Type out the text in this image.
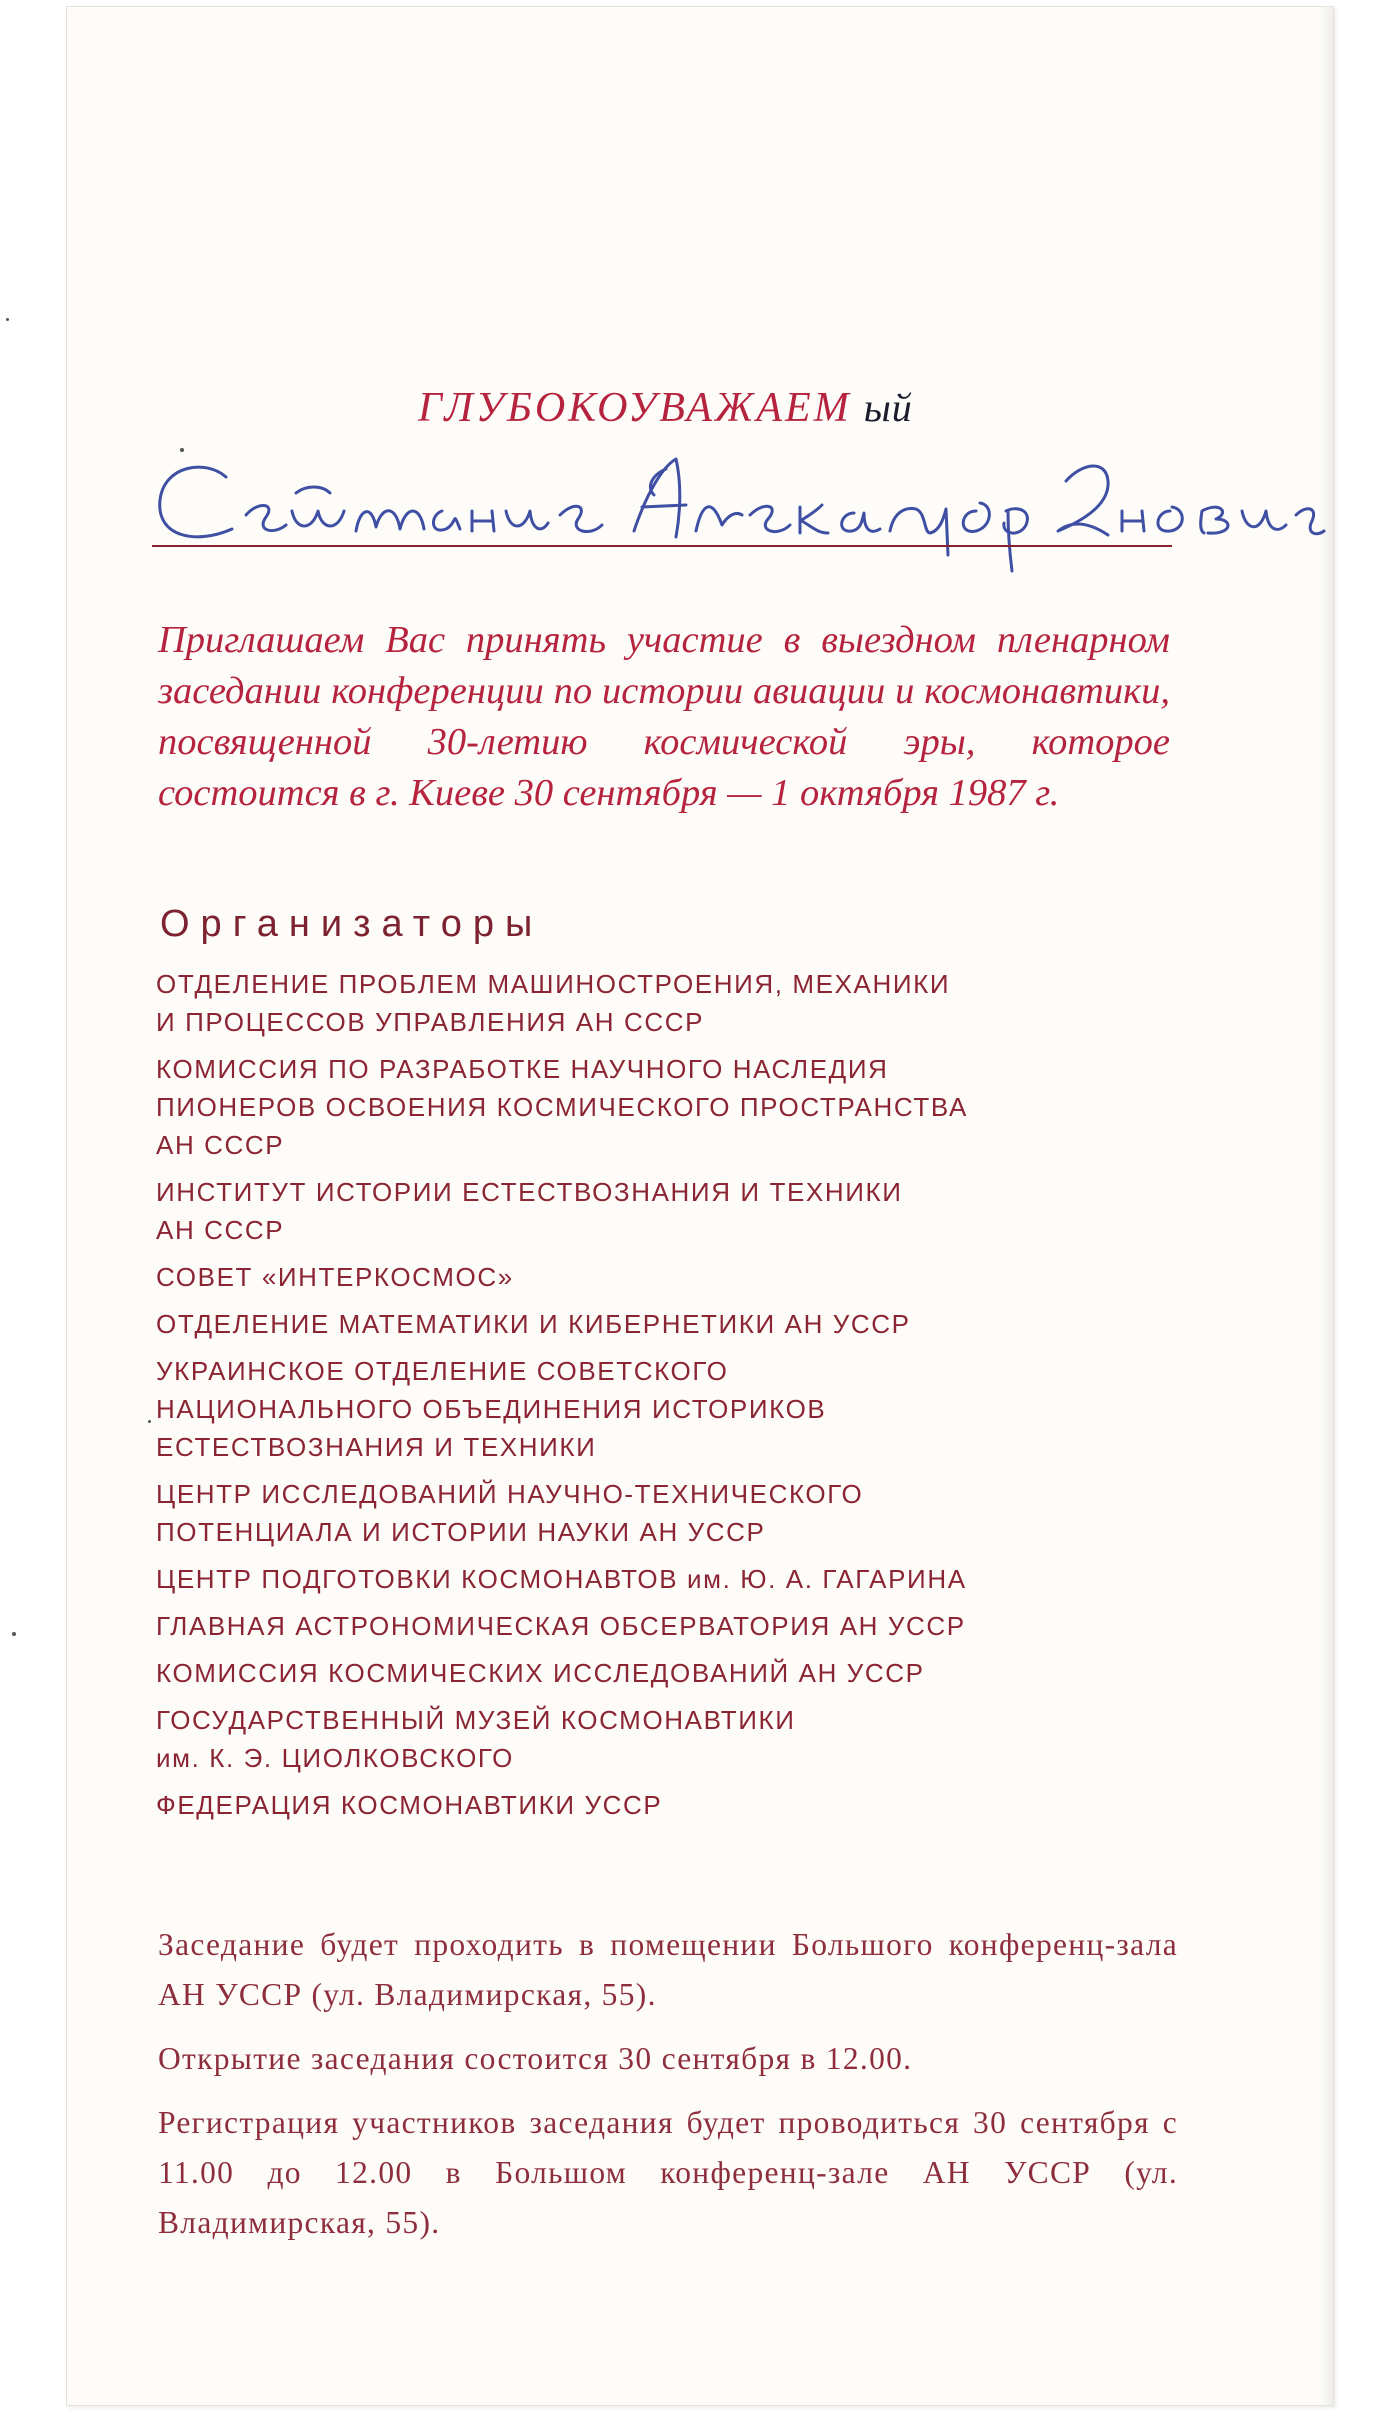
ГЛУБОКОУВАЖАЕМ ый

Приглашаем Вас принять участие в выездном пленарном заседании конференции по истории авиации и космонавтики, посвященной 30-летию космической эры, которое состоится в г. Киеве 30 сентября — 1 октября 1987 г.

Организаторы
ОТДЕЛЕНИЕ ПРОБЛЕМ МАШИНОСТРОЕНИЯ, МЕХАНИКИ
И ПРОЦЕССОВ УПРАВЛЕНИЯ АН СССР
КОМИССИЯ ПО РАЗРАБОТКЕ НАУЧНОГО НАСЛЕДИЯ
ПИОНЕРОВ ОСВОЕНИЯ КОСМИЧЕСКОГО ПРОСТРАНСТВА
АН СССР
ИНСТИТУТ ИСТОРИИ ЕСТЕСТВОЗНАНИЯ И ТЕХНИКИ
АН СССР
СОВЕТ «ИНТЕРКОСМОС»
ОТДЕЛЕНИЕ МАТЕМАТИКИ И КИБЕРНЕТИКИ АН УССР
УКРАИНСКОЕ ОТДЕЛЕНИЕ СОВЕТСКОГО
НАЦИОНАЛЬНОГО ОБЪЕДИНЕНИЯ ИСТОРИКОВ
ЕСТЕСТВОЗНАНИЯ И ТЕХНИКИ
ЦЕНТР ИССЛЕДОВАНИЙ НАУЧНО-ТЕХНИЧЕСКОГО
ПОТЕНЦИАЛА И ИСТОРИИ НАУКИ АН УССР
ЦЕНТР ПОДГОТОВКИ КОСМОНАВТОВ им. Ю. А. ГАГАРИНА
ГЛАВНАЯ АСТРОНОМИЧЕСКАЯ ОБСЕРВАТОРИЯ АН УССР
КОМИССИЯ КОСМИЧЕСКИХ ИССЛЕДОВАНИЙ АН УССР
ГОСУДАРСТВЕННЫЙ МУЗЕЙ КОСМОНАВТИКИ
им. К. Э. ЦИОЛКОВСКОГО
ФЕДЕРАЦИЯ КОСМОНАВТИКИ УССР

Заседание будет проходить в помещении Большого конференц-зала АН УССР (ул. Владимирская, 55).

Открытие заседания состоится 30 сентября в 12.00.

Регистрация участников заседания будет проводиться 30 сентября с 11.00 до 12.00 в Большом конференц-зале АН УССР (ул. Владимирская, 55).
